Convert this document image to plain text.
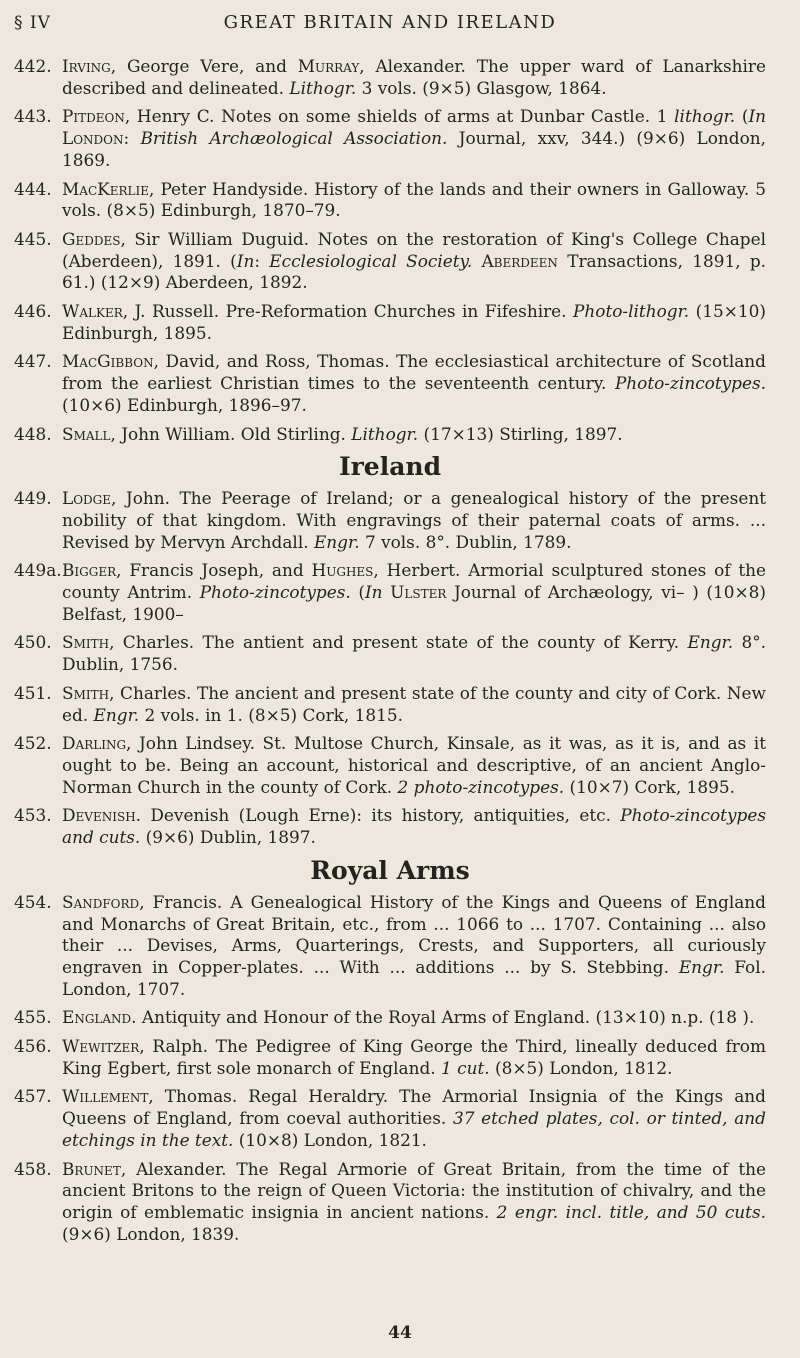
§ IV	GREAT BRITAIN AND IRELAND
442. Irving, George Vere, and Murray, Alexander. The upper ward of Lanarkshire described and delineated. Lithogr. 3 vols. (9×5) Glasgow, 1864.
443. Pitdeon, Henry C. Notes on some shields of arms at Dunbar Castle. 1 lithogr. (In London: British Archæological Association. Journal, xxv, 344.) (9×6) London, 1869.
444. MacKerlie, Peter Handyside. History of the lands and their owners in Galloway. 5 vols. (8×5) Edinburgh, 1870–79.
445. Geddes, Sir William Duguid. Notes on the restoration of King's College Chapel (Aberdeen), 1891. (In: Ecclesiological Society. Aberdeen Transactions, 1891, p. 61.) (12×9) Aberdeen, 1892.
446. Walker, J. Russell. Pre-Reformation Churches in Fifeshire. Photo-lithogr. (15×10) Edinburgh, 1895.
447. MacGibbon, David, and Ross, Thomas. The ecclesiastical architecture of Scotland from the earliest Christian times to the seventeenth century. Photo-zincotypes. (10×6) Edinburgh, 1896–97.
448. Small, John William. Old Stirling. Lithogr. (17×13) Stirling, 1897.
Ireland
449. Lodge, John. The Peerage of Ireland; or a genealogical history of the present nobility of that kingdom. With engravings of their paternal coats of arms. ... Revised by Mervyn Archdall. Engr. 7 vols. 8°. Dublin, 1789.
449a. Bigger, Francis Joseph, and Hughes, Herbert. Armorial sculptured stones of the county Antrim. Photo-zincotypes. (In Ulster Journal of Archæology, vi– ) (10×8) Belfast, 1900–
450. Smith, Charles. The antient and present state of the county of Kerry. Engr. 8°. Dublin, 1756.
451. Smith, Charles. The ancient and present state of the county and city of Cork. New ed. Engr. 2 vols. in 1. (8×5) Cork, 1815.
452. Darling, John Lindsey. St. Multose Church, Kinsale, as it was, as it is, and as it ought to be. Being an account, historical and descriptive, of an ancient Anglo-Norman Church in the county of Cork. 2 photo-zincotypes. (10×7) Cork, 1895.
453. Devenish. Devenish (Lough Erne): its history, antiquities, etc. Photo-zincotypes and cuts. (9×6) Dublin, 1897.
Royal Arms
454. Sandford, Francis. A Genealogical History of the Kings and Queens of England and Monarchs of Great Britain, etc., from ... 1066 to ... 1707. Containing ... also their ... Devises, Arms, Quarterings, Crests, and Supporters, all curiously engraven in Copper-plates. ... With ... additions ... by S. Stebbing. Engr. Fol. London, 1707.
455. England. Antiquity and Honour of the Royal Arms of England. (13×10) n.p. (18 ).
456. Wewitzer, Ralph. The Pedigree of King George the Third, lineally deduced from King Egbert, first sole monarch of England. 1 cut. (8×5) London, 1812.
457. Willement, Thomas. Regal Heraldry. The Armorial Insignia of the Kings and Queens of England, from coeval authorities. 37 etched plates, col. or tinted, and etchings in the text. (10×8) London, 1821.
458. Brunet, Alexander. The Regal Armorie of Great Britain, from the time of the ancient Britons to the reign of Queen Victoria: the institution of chivalry, and the origin of emblematic insignia in ancient nations. 2 engr. incl. title, and 50 cuts. (9×6) London, 1839.
44
